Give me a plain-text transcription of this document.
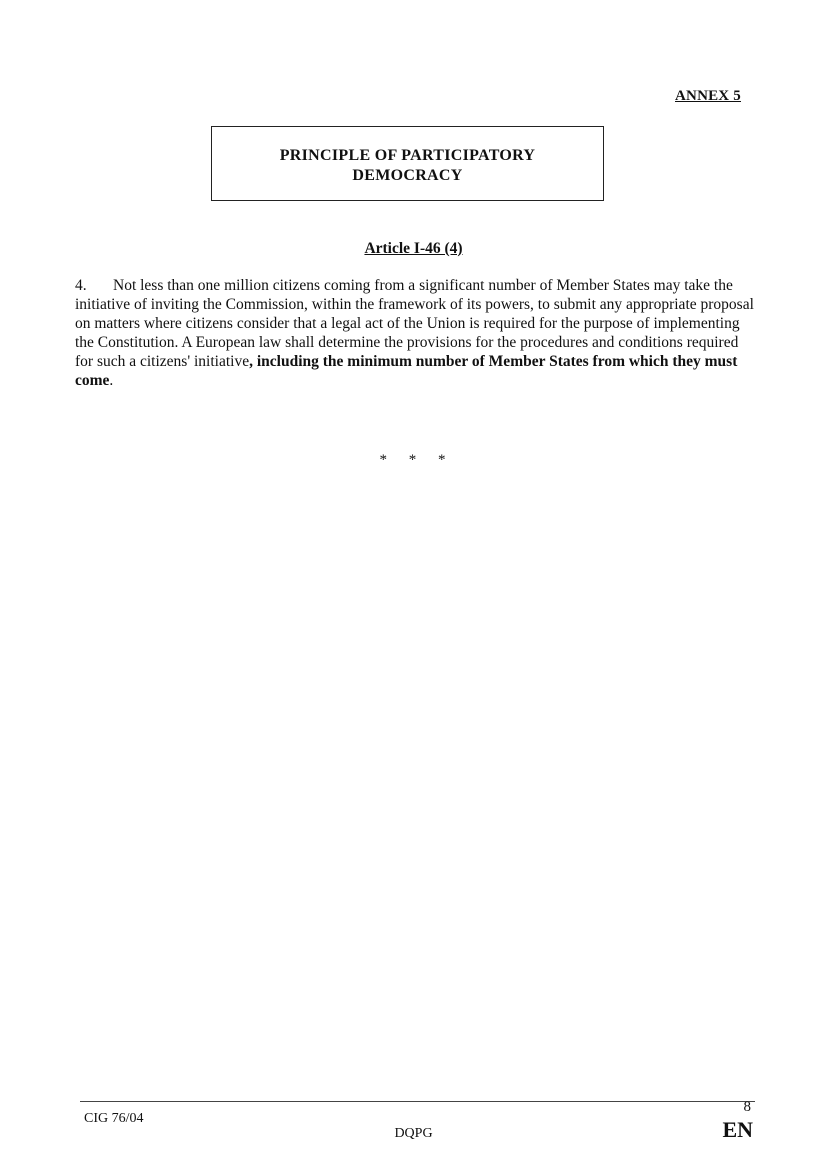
ANNEX 5
PRINCIPLE OF PARTICIPATORY
DEMOCRACY
Article I-46 (4)
4. Not less than one million citizens coming from a significant number of Member States may take the initiative of inviting the Commission, within the framework of its powers, to submit any appropriate proposal on matters where citizens consider that a legal act of the Union is required for the purpose of implementing the Constitution. A European law shall determine the provisions for the procedures and conditions required for such a citizens' initiative, including the minimum number of Member States from which they must come.
* * *
CIG 76/04
DQPG
8
EN
